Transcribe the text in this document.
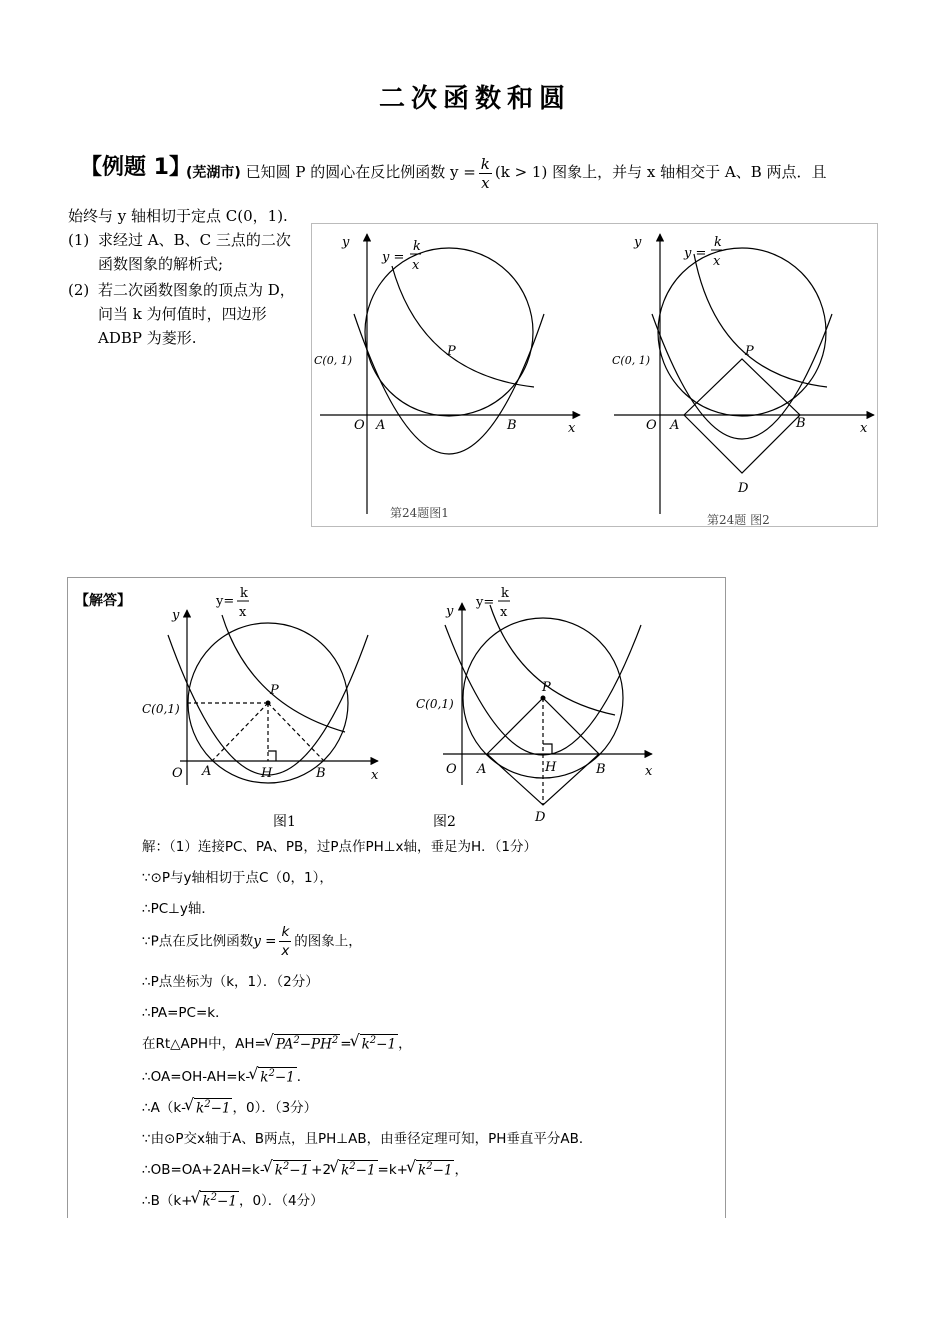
二次函数和圆
【例题 1】
(芜湖市) 已知圆 P 的圆心在反比例函数 $y = \frac{k}{x} (k > 1)$ 图象上，并与 x 轴相交于 A、B 两点．且
始终与 y 轴相切于定点 C(0，1).
(1) 求经过 A、B、C 三点的二次函数图象的解析式;
(2) 若二次函数图象的顶点为 D，问当 k 为何值时，四边形 ADBP 为菱形.
y
x
O A	B
P
C(0, 1)
y =
k
x
第24题图1
y
x
O A	B
P
D
C(0, 1)
y =
k
x
第24题 图2
【解答】
y
x
O A	B
H
P
C(0,1)
y=
k
x
图1
y
x
O A	B
H
P
D
C(0,1)
y=
k
x
图2
解：（1）连接PC、PA、PB，过P点作PH⊥x轴，垂足为H．（1分）
∵⊙P与y轴相切于点C（0，1），
∴PC⊥y轴．
∵P点在反比例函数$y = \frac{k}{x}$ 的图象上，
∴P点坐标为（k，1）．（2分）
∴PA=PC=k．
在Rt△APH中，AH=√ $PA^2-PH^2$ =√ $k^2-1$ ，
∴OA=OH-AH=k-√ $k^2-1$ ．
∴A（k-√ $k^2-1$ ，0）．（3分）
∵由⊙P交x轴于A、B两点，且PH⊥AB，由垂径定理可知，PH垂直平分AB．
∴OB=OA+2AH=k-√ $k^2-1 +2√$ $k^2-1 =k+√$ $k^2-1$ ，
∴B（k+√ $k^2-1$ ，0）．（4分）
